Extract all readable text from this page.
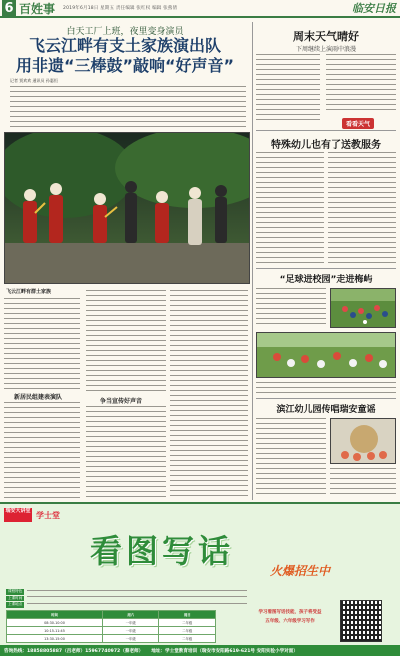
6 百姓事 2019年6月18日 星期五 责任编辑 张红权 编辑 张燕倩	临安日报
白天工厂上班，夜里变身演员
飞云江畔有支土家族演出队
用非遗“三棒鼓”敲响“好声音”
记者 贾欢欢 通讯员 孙惠恒
飞云江畔有群土家族
新居民组建表演队
争当宣传好声音
周末天气晴好
下周继续上演雨中浪漫
看看天气
特殊幼儿也有了送教服务
“足球进校园”走进梅屿
滨江幼儿园传唱瑞安童谣
瑞安大讲堂 学士堂
看图写话
火爆招生中
课程特色
上课时间
上课地点
时间	周六	周日
08:30-10:00	一年级	二年级
10:15-11:45	一年级	二年级
13:30-15:00	一年级	二年级
学习看图写话技能，孩子将受益
五年级、六年级学习写作
咨询热线：18858805887（吕老师）15967740972（蔡老师） 地址：学士堂教育培训（瑞安市安阳路619-621号 安阳实验小学对面）
